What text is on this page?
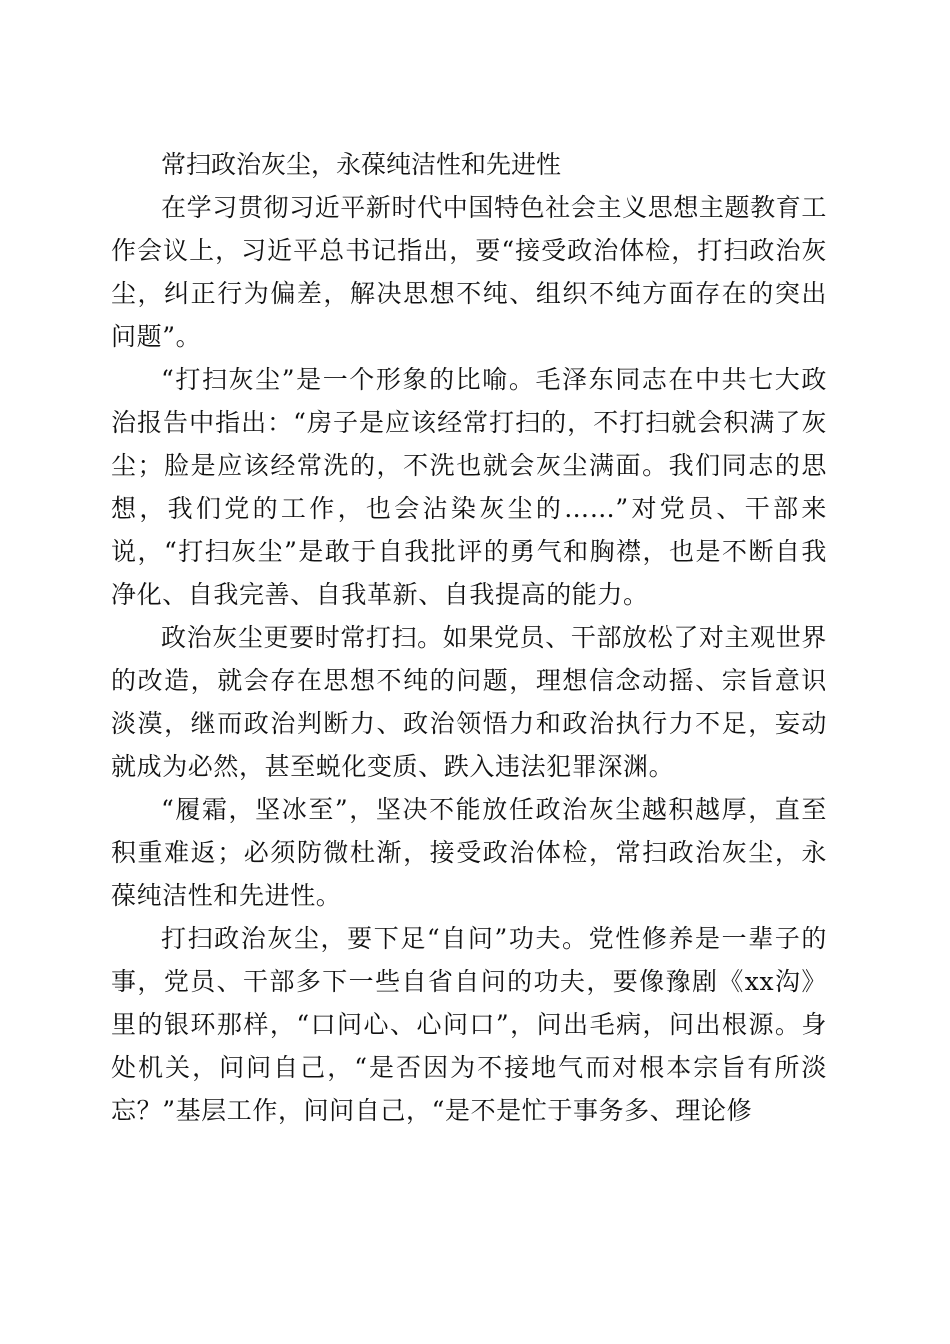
常扫政治灰尘，永葆纯洁性和先进性

在学习贯彻习近平新时代中国特色社会主义思想主题教育工作会议上，习近平总书记指出，要“接受政治体检，打扫政治灰尘，纠正行为偏差，解决思想不纯、组织不纯方面存在的突出问题”。

“打扫灰尘”是一个形象的比喻。毛泽东同志在中共七大政治报告中指出：“房子是应该经常打扫的，不打扫就会积满了灰尘；脸是应该经常洗的，不洗也就会灰尘满面。我们同志的思想，我们党的工作，也会沾染灰尘的……”对党员、干部来说，“打扫灰尘”是敢于自我批评的勇气和胸襟，也是不断自我净化、自我完善、自我革新、自我提高的能力。

政治灰尘更要时常打扫。如果党员、干部放松了对主观世界的改造，就会存在思想不纯的问题，理想信念动摇、宗旨意识淡漠，继而政治判断力、政治领悟力和政治执行力不足，妄动就成为必然，甚至蜕化变质、跌入违法犯罪深渊。

“履霜，坚冰至”，坚决不能放任政治灰尘越积越厚，直至积重难返；必须防微杜渐，接受政治体检，常扫政治灰尘，永葆纯洁性和先进性。

打扫政治灰尘，要下足“自问”功夫。党性修养是一辈子的事，党员、干部多下一些自省自问的功夫，要像豫剧《xx沟》里的银环那样，“口问心、心问口”，问出毛病，问出根源。身处机关，问问自己，“是否因为不接地气而对根本宗旨有所淡忘？”基层工作，问问自己，“是不是忙于事务多、理论修
